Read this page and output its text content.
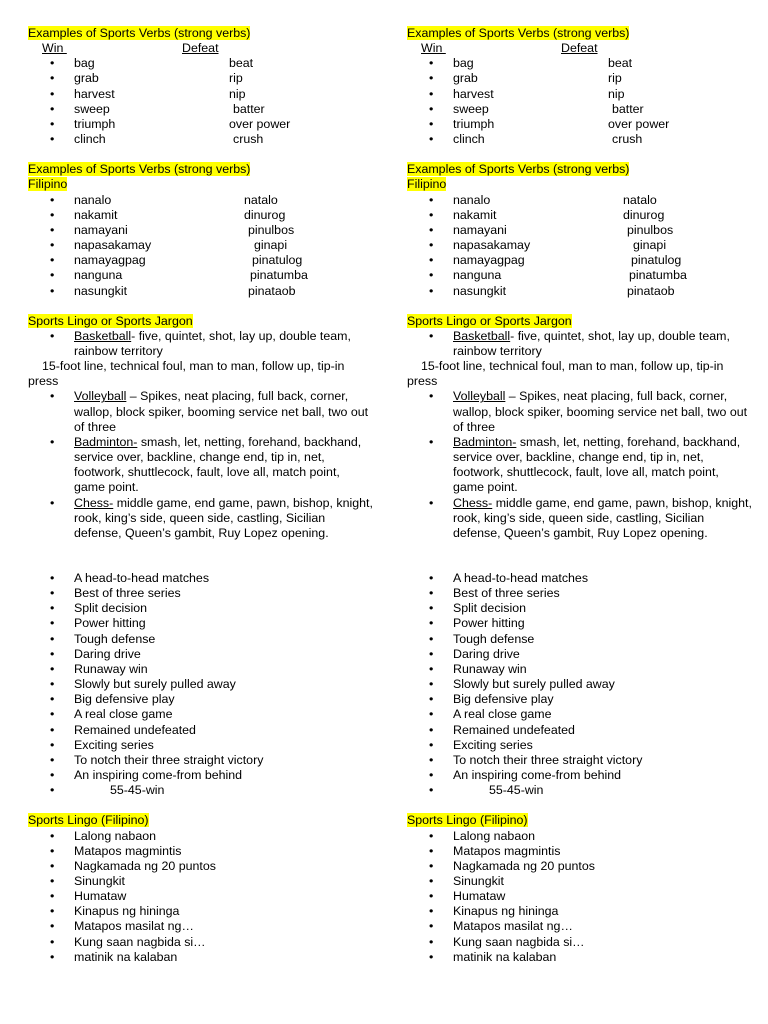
Examples of Sports Verbs (strong verbs)
Win	Defeat
• bag	beat
• grab	rip
• harvest	nip
• sweep	batter
• triumph	over power
• clinch	crush
Examples of Sports Verbs (strong verbs)
Filipino
• nanalo	natalo
• nakamit	dinurog
• namayani	pinulbos
• napasakamay	ginapi
• namayagpag	pinatulog
• nanguna	pinatumba
• nasungkit	pinataob
Sports Lingo or Sports Jargon
• Basketball- five, quintet, shot, lay up, double team, rainbow territory
15-foot line, technical foul, man to man, follow up, tip-in press
• Volleyball – Spikes, neat placing, full back, corner, wallop, block spiker, booming service net ball, two out of three
• Badminton- smash, let, netting, forehand, backhand, service over, backline, change end, tip in, net, footwork, shuttlecock, fault, love all, match point, game point.
• Chess- middle game, end game, pawn, bishop, knight, rook, king’s side, queen side, castling, Sicilian defense, Queen’s gambit, Ruy Lopez opening.
• A head-to-head matches
• Best of three series
• Split decision
• Power hitting
• Tough defense
• Daring drive
• Runaway win
• Slowly but surely pulled away
• Big defensive play
• A real close game
• Remained undefeated
• Exciting series
• To notch their three straight victory
• An inspiring come-from behind
• 55-45-win
Sports Lingo (Filipino)
• Lalong nabaon
• Matapos magmintis
• Nagkamada ng 20 puntos
• Sinungkit
• Humataw
• Kinapus ng hininga
• Matapos masilat ng…
• Kung saan nagbida si…
• matinik na kalaban
Examples of Sports Verbs (strong verbs)
Win	Defeat
• bag	beat
• grab	rip
• harvest	nip
• sweep	batter
• triumph	over power
• clinch	crush
Examples of Sports Verbs (strong verbs)
Filipino
• nanalo	natalo
• nakamit	dinurog
• namayani	pinulbos
• napasakamay	ginapi
• namayagpag	pinatulog
• nanguna	pinatumba
• nasungkit	pinataob
Sports Lingo or Sports Jargon
• Basketball- five, quintet, shot, lay up, double team, rainbow territory
15-foot line, technical foul, man to man, follow up, tip-in press
• Volleyball – Spikes, neat placing, full back, corner, wallop, block spiker, booming service net ball, two out of three
• Badminton- smash, let, netting, forehand, backhand, service over, backline, change end, tip in, net, footwork, shuttlecock, fault, love all, match point, game point.
• Chess- middle game, end game, pawn, bishop, knight, rook, king’s side, queen side, castling, Sicilian defense, Queen’s gambit, Ruy Lopez opening.
• A head-to-head matches
• Best of three series
• Split decision
• Power hitting
• Tough defense
• Daring drive
• Runaway win
• Slowly but surely pulled away
• Big defensive play
• A real close game
• Remained undefeated
• Exciting series
• To notch their three straight victory
• An inspiring come-from behind
• 55-45-win
Sports Lingo (Filipino)
• Lalong nabaon
• Matapos magmintis
• Nagkamada ng 20 puntos
• Sinungkit
• Humataw
• Kinapus ng hininga
• Matapos masilat ng…
• Kung saan nagbida si…
• matinik na kalaban
